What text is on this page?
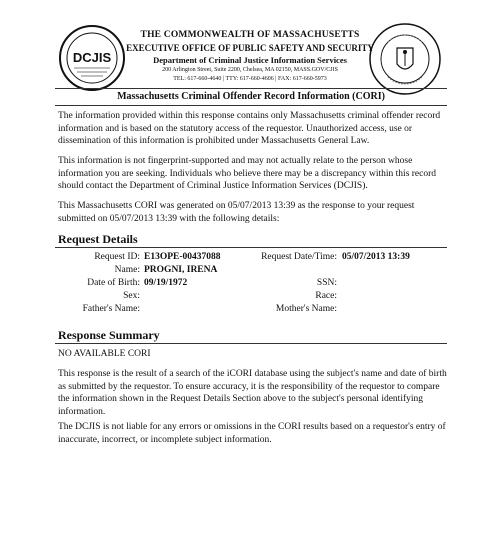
DCJIS
THE COMMONWEALTH OF MASSACHUSETTS
EXECUTIVE OFFICE OF PUBLIC SAFETY AND SECURITY
Department of Criminal Justice Information Services
200 Arlington Street, Suite 2200, Chelsea, MA 02150, MASS.GOV/CJIS
TEL: 617-660-4640 | TTY: 617-660-4606 | FAX: 617-660-5973
Massachusetts Criminal Offender Record Information (CORI)
The information provided within this response contains only Massachusetts criminal offender record information and is based on the statutory access of the requestor. Unauthorized access, use or dissemination of this information is prohibited under Massachusetts General Law.
This information is not fingerprint-supported and may not actually relate to the person whose information you are seeking. Individuals who believe there may be a discrepancy within this record should contact the Department of Criminal Justice Information Services (DCJIS).
This Massachusetts CORI was generated on 05/07/2013 13:39 as the response to your request submitted on 05/07/2013 13:39 with the following details:
Request Details
Request ID: E13OPE-00437088	Request Date/Time: 05/07/2013 13:39
Name: PROGNI, IRENA
Date of Birth: 09/19/1972	SSN:
Sex:	Race:
Father's Name:	Mother's Name:
Response Summary
NO AVAILABLE CORI
This response is the result of a search of the iCORI database using the subject's name and date of birth as submitted by the requestor. To ensure accuracy, it is the responsibility of the requestor to compare the information shown in the Request Details Section above to the subject's personal identifying information.
The DCJIS is not liable for any errors or omissions in the CORI results based on a requestor's entry of inaccurate, incorrect, or incomplete subject information.
